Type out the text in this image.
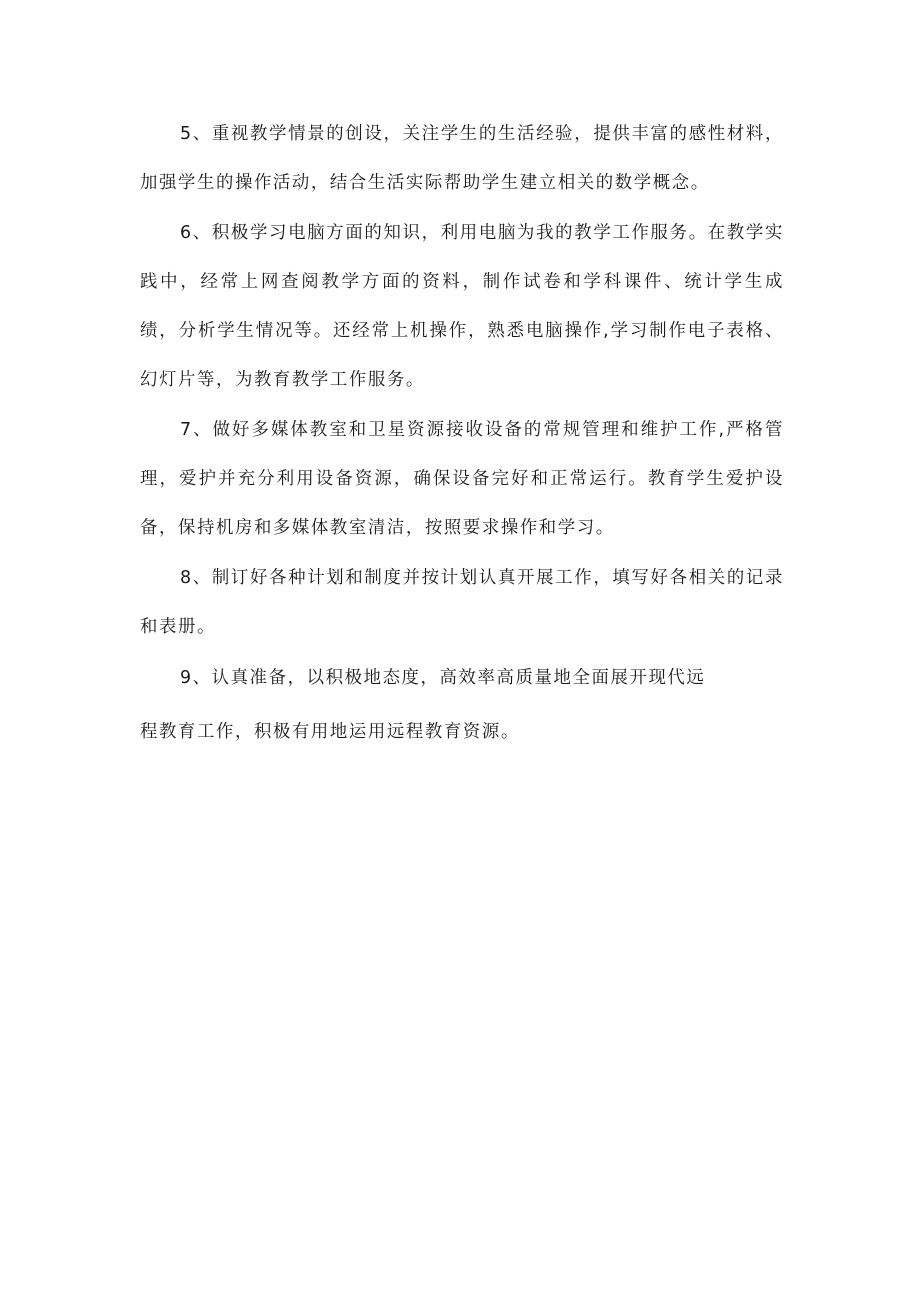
5、重视教学情景的创设，关注学生的生活经验，提供丰富的感性材料，加强学生的操作活动，结合生活实际帮助学生建立相关的数学概念。

6、积极学习电脑方面的知识，利用电脑为我的教学工作服务。在教学实践中，经常上网查阅教学方面的资料，制作试卷和学科课件、统计学生成绩，分析学生情况等。还经常上机操作，熟悉电脑操作,学习制作电子表格、幻灯片等，为教育教学工作服务。

7、做好多媒体教室和卫星资源接收设备的常规管理和维护工作,严格管理，爱护并充分利用设备资源，确保设备完好和正常运行。教育学生爱护设备，保持机房和多媒体教室清洁，按照要求操作和学习。

8、制订好各种计划和制度并按计划认真开展工作，填写好各相关的记录和表册。

9、认真准备，以积极地态度，高效率高质量地全面展开现代远

程教育工作，积极有用地运用远程教育资源。
